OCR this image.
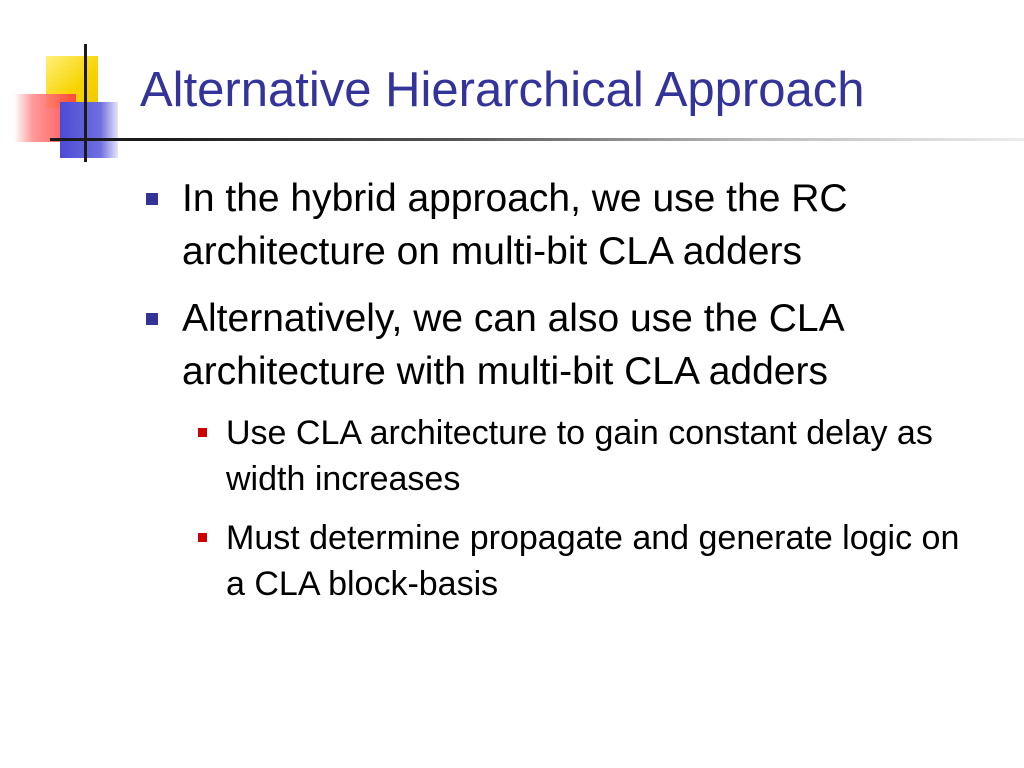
Alternative Hierarchical Approach
In the hybrid approach, we use the RC architecture on multi-bit CLA adders
Alternatively, we can also use the CLA architecture with multi-bit CLA adders
Use CLA architecture to gain constant delay as width increases
Must determine propagate and generate logic on a CLA block-basis
